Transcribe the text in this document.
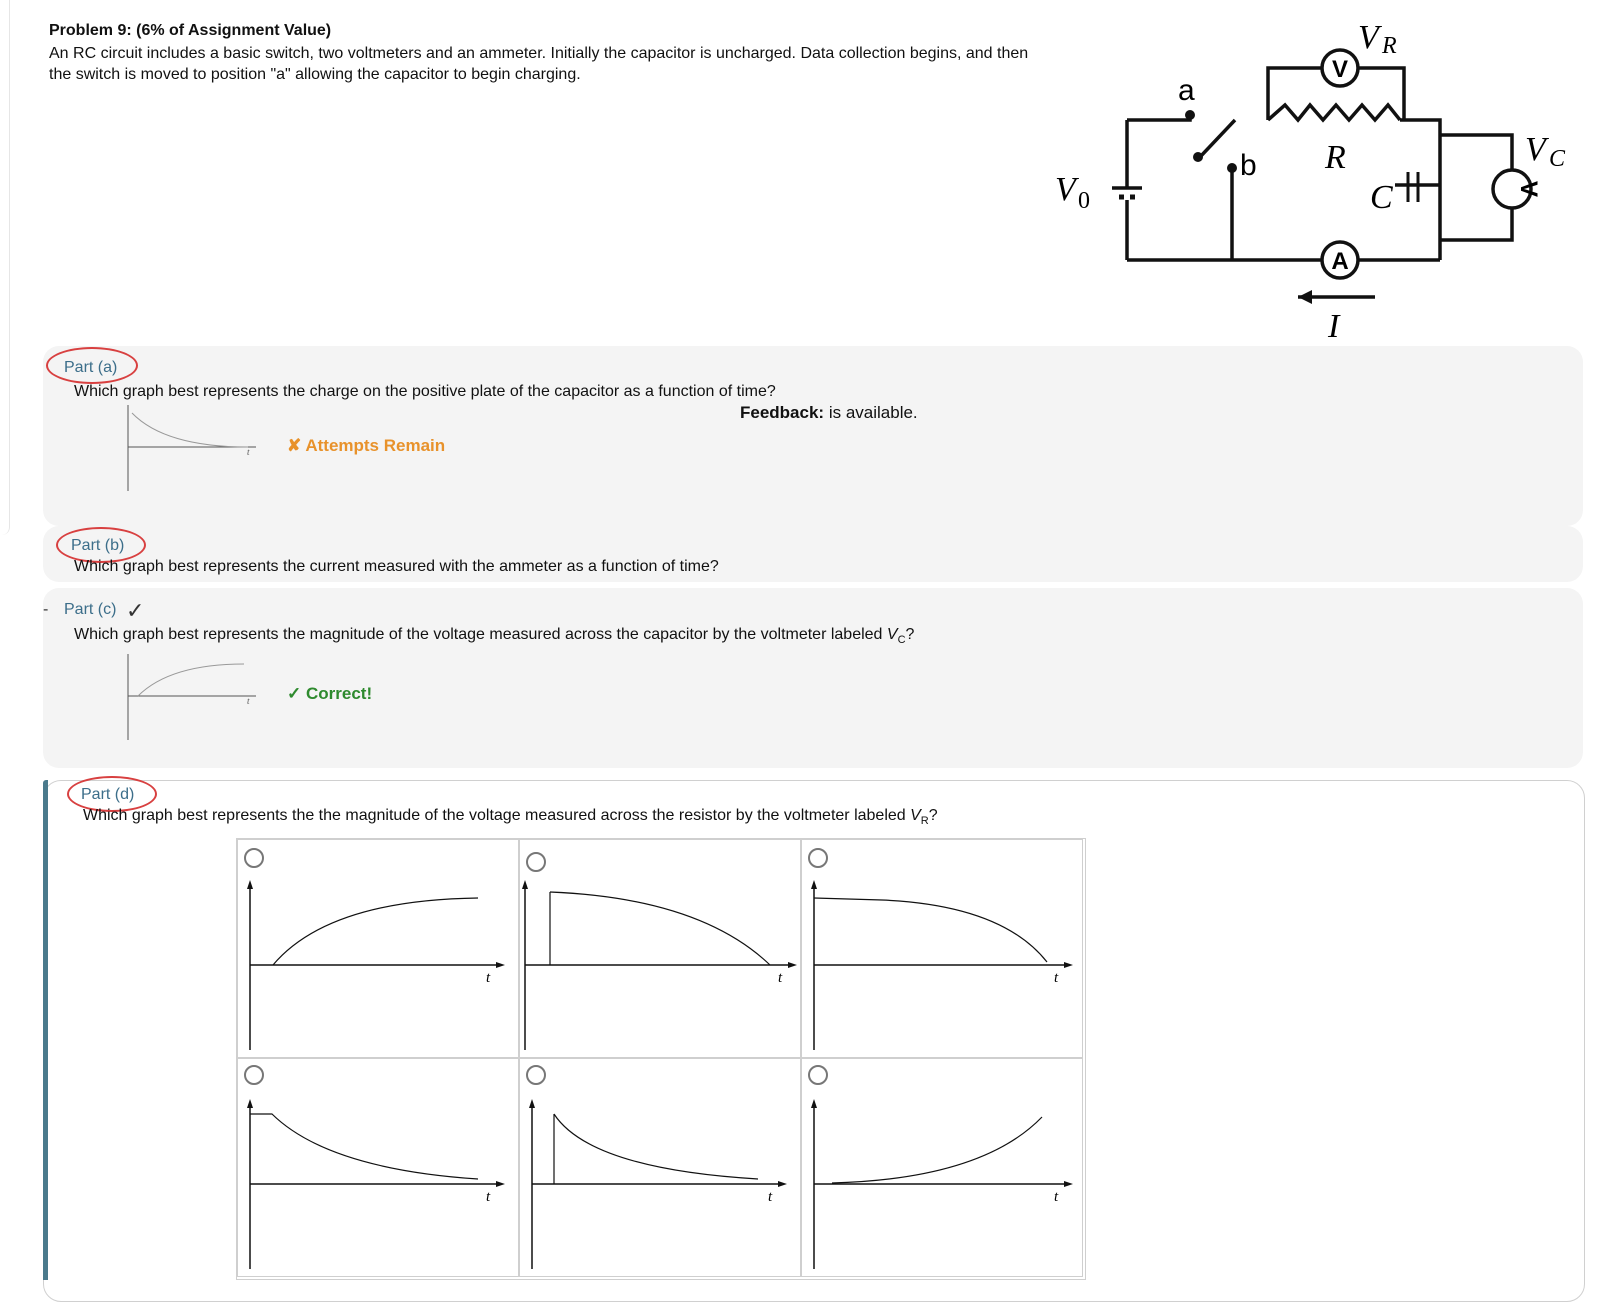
Problem 9: (6% of Assignment Value)
An RC circuit includes a basic switch, two voltmeters and an ammeter. Initially the capacitor is uncharged. Data collection begins, and then the switch is moved to position "a" allowing the capacitor to begin charging.	V
A
V
V R
V C
V 0
a
b R
C
I
Part (a)
Which graph best represents the charge on the positive plate of the capacitor as a function of time?
Feedback: is available.
t ✘ Attempts Remain
Part (b)
Which graph best represents the current measured with the ammeter as a function of time?
- Part (c) ✓
Which graph best represents the magnitude of the voltage measured across the capacitor by the voltmeter labeled $V_C$?
t ✓ Correct!
Part (d)
Which graph best represents the the magnitude of the voltage measured across the resistor by the voltmeter labeled $V_R$?
t	t	t
t	t	t
